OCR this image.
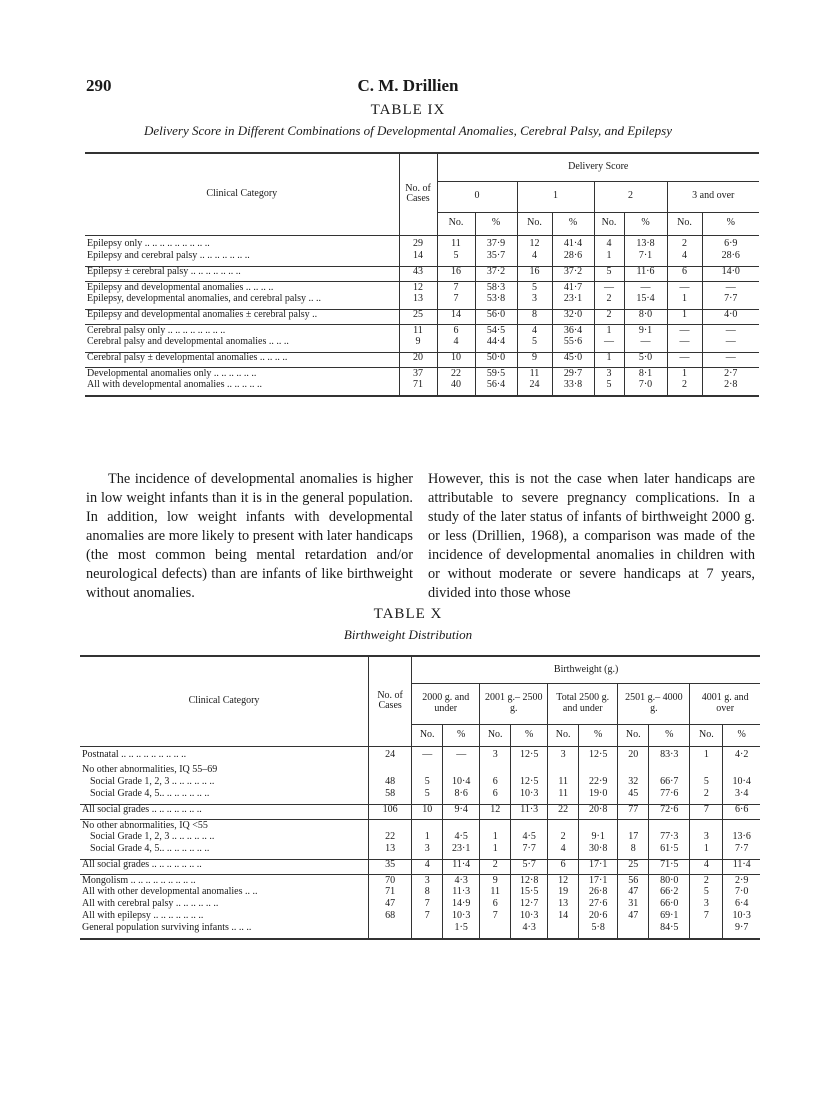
290	C. M. Drillien
TABLE IX
Delivery Score in Different Combinations of Developmental Anomalies, Cerebral Palsy, and Epilepsy
Clinical Category	No. of Cases	Delivery Score							
		0		1		2		3 and over	
		No.	%	No.	%	No.	%	No.	%

Epilepsy only .. .. .. .. .. .. .. .. ..	29	11	37·9	12	41·4	4	13·8	2	6·9
Epilepsy and cerebral palsy .. .. .. .. .. .. ..	14	5	35·7	4	28·6	1	7·1	4	28·6

Epilepsy ± cerebral palsy .. .. .. .. .. .. ..	43	16	37·2	16	37·2	5	11·6	6	14·0

Epilepsy and developmental anomalies .. .. .. ..	12	7	58·3	5	41·7	—	—	—	—
Epilepsy, developmental anomalies, and cerebral palsy .. ..	13	7	53·8	3	23·1	2	15·4	1	7·7

Epilepsy and developmental anomalies ± cerebral palsy ..	25	14	56·0	8	32·0	2	8·0	1	4·0

Cerebral palsy only .. .. .. .. .. .. .. ..	11	6	54·5	4	36·4	1	9·1	—	—
Cerebral palsy and developmental anomalies .. .. ..	9	4	44·4	5	55·6	—	—	—	—

Cerebral palsy ± developmental anomalies .. .. .. ..	20	10	50·0	9	45·0	1	5·0	—	—

Developmental anomalies only .. .. .. .. .. ..	37	22	59·5	11	29·7	3	8·1	1	2·7
All with developmental anomalies .. .. .. .. ..	71	40	56·4	24	33·8	5	7·0	2	2·8

The incidence of developmental anomalies is higher in low weight infants than it is in the general population. In addition, low weight infants with developmental anomalies are more likely to present with later handicaps (the most common being mental retardation and/or neurological defects) than are infants of like birthweight without anomalies.

However, this is not the case when later handicaps are attributable to severe pregnancy complications. In a study of the later status of infants of birthweight 2000 g. or less (Drillien, 1968), a comparison was made of the incidence of developmental anomalies in children with or without moderate or severe handicaps at 7 years, divided into those whose

TABLE X
Birthweight Distribution
Clinical Category	No. of Cases	Birthweight (g.)									
		2000 g. and under		2001 g.– 2500 g.		Total 2500 g. and under		2501 g.– 4000 g.		4001 g. and over	
		No.	%	No.	%	No.	%	No.	%	No.	%

Postnatal .. .. .. .. .. .. .. .. ..	24	—	—	3	12·5	3	12·5	20	83·3	1	4·2

No other abnormalities, IQ 55–69											
Social Grade 1, 2, 3 .. .. .. .. .. ..	48	5	10·4	6	12·5	11	22·9	32	66·7	5	10·4
Social Grade 4, 5.. .. .. .. .. .. ..	58	5	8·6	6	10·3	11	19·0	45	77·6	2	3·4

All social grades .. .. .. .. .. .. ..	106	10	9·4	12	11·3	22	20·8	77	72·6	7	6·6

No other abnormalities, IQ <55											
Social Grade 1, 2, 3 .. .. .. .. .. ..	22	1	4·5	1	4·5	2	9·1	17	77·3	3	13·6
Social Grade 4, 5.. .. .. .. .. .. ..	13	3	23·1	1	7·7	4	30·8	8	61·5	1	7·7

All social grades .. .. .. .. .. .. ..	35	4	11·4	2	5·7	6	17·1	25	71·5	4	11·4

Mongolism .. .. .. .. .. .. .. .. ..	70	3	4·3	9	12·8	12	17·1	56	80·0	2	2·9
All with other developmental anomalies .. ..	71	8	11·3	11	15·5	19	26·8	47	66·2	5	7·0
All with cerebral palsy .. .. .. .. .. ..	47	7	14·9	6	12·7	13	27·6	31	66·0	3	6·4
All with epilepsy .. .. .. .. .. .. ..	68	7	10·3	7	10·3	14	20·6	47	69·1	7	10·3
General population surviving infants .. .. ..			1·5		4·3		5·8		84·5		9·7
